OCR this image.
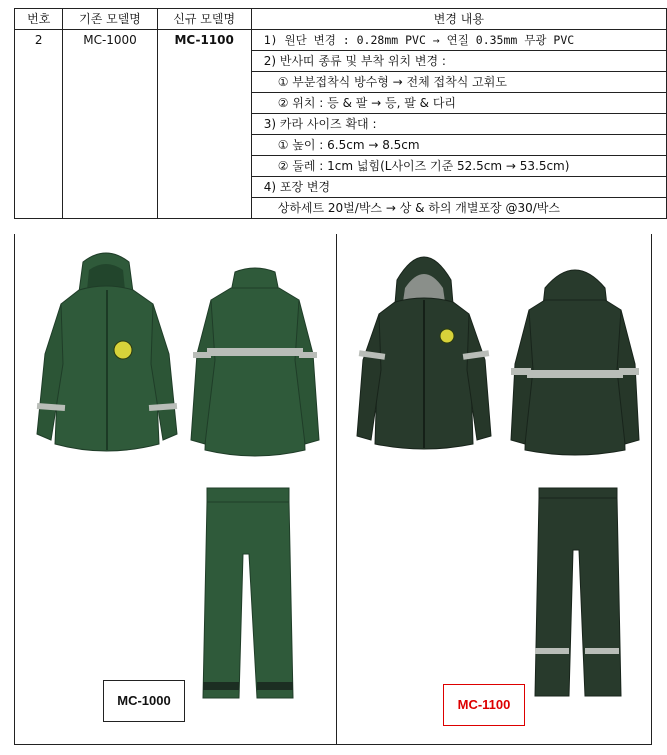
번호	기존 모델명	신규 모델명	변경 내용
2	MC-1000	MC-1100	1) 원단 변경 : 0.28mm PVC → 연질 0.35mm 무광 PVC
			2) 반사띠 종류 및 부착 위치 변경 :
			① 부분접착식 방수형 → 전체 접착식 고휘도
			② 위치 : 등 & 팔 → 등, 팔 & 다리
			3) 카라 사이즈 확대 :
			① 높이 : 6.5cm → 8.5cm
			② 둘레 : 1cm 넓힘(L사이즈 기준 52.5cm → 53.5cm)
			4) 포장 변경
			상하세트 20벌/박스 → 상 & 하의 개별포장 @30/박스
MC-1000	MC-1100
